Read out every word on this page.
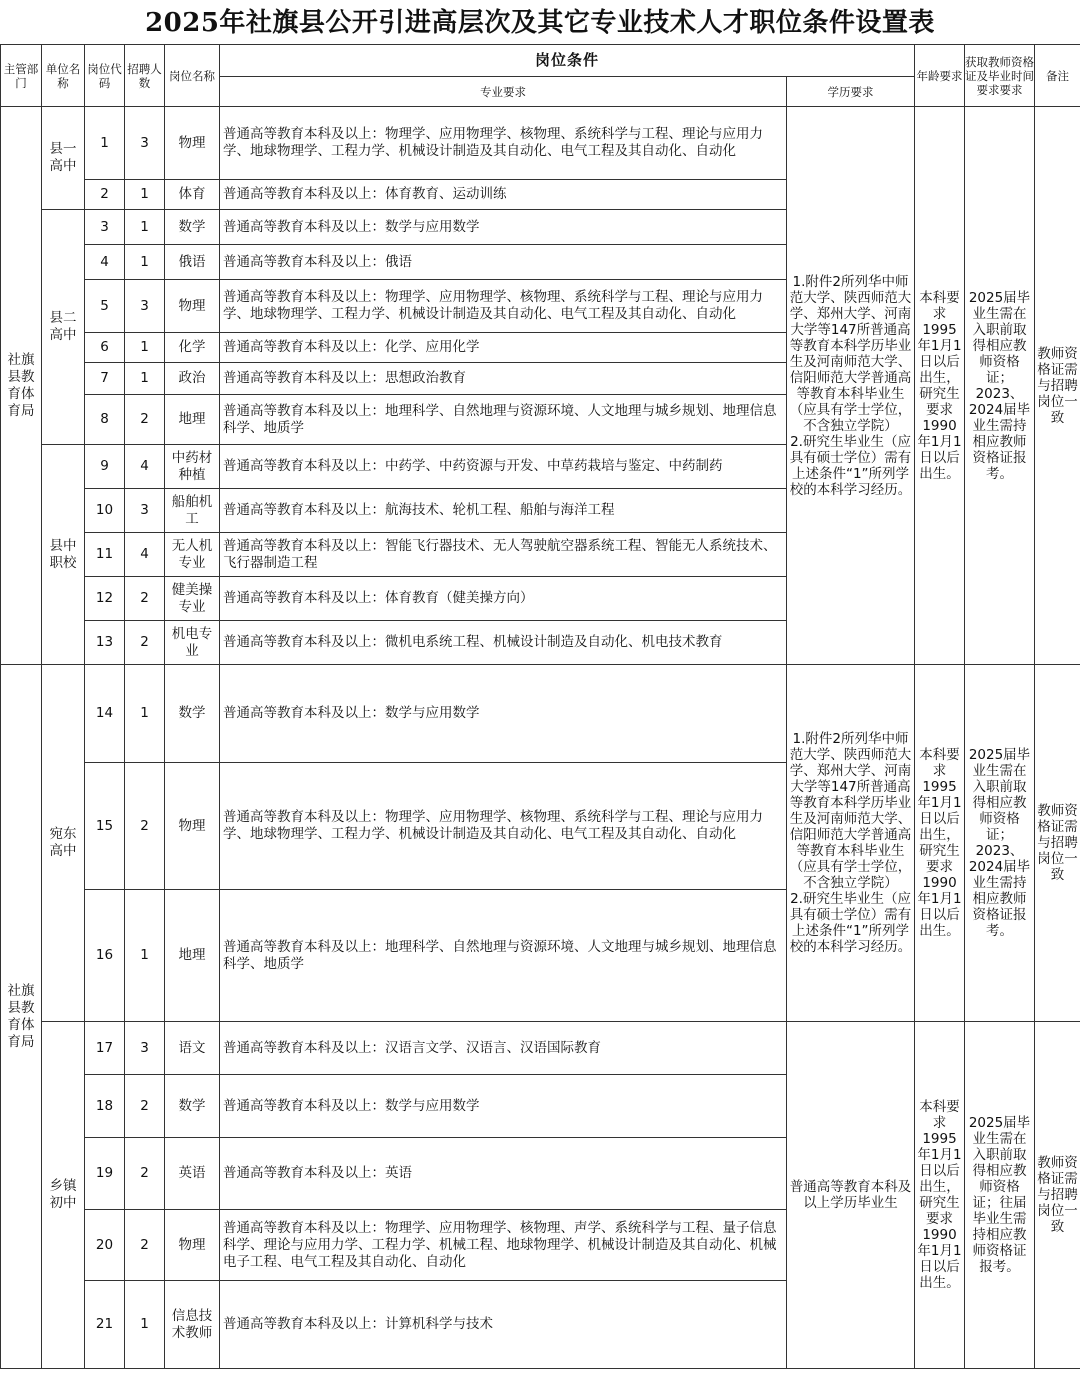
2025年社旗县公开引进高层次及其它专业技术人才职位条件设置表
主管部门	单位名称	岗位代码	招聘人数	岗位名称	岗位条件		年龄要求	获取教师资格证及毕业时间要求要求	备注
					专业要求	学历要求			
社旗县教育体育局	县一高中	1	3	物理	普通高等教育本科及以上：物理学、应用物理学、核物理、系统科学与工程、理论与应用力学、地球物理学、工程力学、机械设计制造及其自动化、电气工程及其自动化、自动化	1.附件2所列华中师范大学、陕西师范大学、郑州大学、河南大学等147所普通高等教育本科学历毕业生及河南师范大学、信阳师范大学普通高等教育本科毕业生（应具有学士学位，不含独立学院）
2.研究生毕业生（应具有硕士学位）需有上述条件“1”所列学校的本科学习经历。	本科要求1995年1月1日以后出生，研究生要求1990年1月1日以后出生。	2025届毕业生需在入职前取得相应教师资格证；2023、2024届毕业生需持相应教师资格证报考。	教师资格证需与招聘岗位一致
		2	1	体育	普通高等教育本科及以上：体育教育、运动训练				
	县二高中	3	1	数学	普通高等教育本科及以上：数学与应用数学				
		4	1	俄语	普通高等教育本科及以上：俄语				
		5	3	物理	普通高等教育本科及以上：物理学、应用物理学、核物理、系统科学与工程、理论与应用力学、地球物理学、工程力学、机械设计制造及其自动化、电气工程及其自动化、自动化				
		6	1	化学	普通高等教育本科及以上：化学、应用化学				
		7	1	政治	普通高等教育本科及以上：思想政治教育				
		8	2	地理	普通高等教育本科及以上：地理科学、自然地理与资源环境、人文地理与城乡规划、地理信息科学、地质学				
	县中职校	9	4	中药材种植	普通高等教育本科及以上：中药学、中药资源与开发、中草药栽培与鉴定、中药制药				
		10	3	船舶机工	普通高等教育本科及以上：航海技术、轮机工程、船舶与海洋工程				
		11	4	无人机专业	普通高等教育本科及以上：智能飞行器技术、无人驾驶航空器系统工程、智能无人系统技术、飞行器制造工程				
		12	2	健美操专业	普通高等教育本科及以上：体育教育（健美操方向）				
		13	2	机电专业	普通高等教育本科及以上：微机电系统工程、机械设计制造及自动化、机电技术教育				
社旗县教育体育局	宛东高中	14	1	数学	普通高等教育本科及以上：数学与应用数学	1.附件2所列华中师范大学、陕西师范大学、郑州大学、河南大学等147所普通高等教育本科学历毕业生及河南师范大学、信阳师范大学普通高等教育本科毕业生（应具有学士学位，不含独立学院）
2.研究生毕业生（应具有硕士学位）需有上述条件“1”所列学校的本科学习经历。	本科要求1995年1月1日以后出生，研究生要求1990年1月1日以后出生。	2025届毕业生需在入职前取得相应教师资格证；2023、2024届毕业生需持相应教师资格证报考。	教师资格证需与招聘岗位一致
		15	2	物理	普通高等教育本科及以上：物理学、应用物理学、核物理、系统科学与工程、理论与应用力学、地球物理学、工程力学、机械设计制造及其自动化、电气工程及其自动化、自动化				
		16	1	地理	普通高等教育本科及以上：地理科学、自然地理与资源环境、人文地理与城乡规划、地理信息科学、地质学				
	乡镇初中	17	3	语文	普通高等教育本科及以上：汉语言文学、汉语言、汉语国际教育	普通高等教育本科及以上学历毕业生	本科要求1995年1月1日以后出生，研究生要求1990年1月1日以后出生。	2025届毕业生需在入职前取得相应教师资格证；往届毕业生需持相应教师资格证报考。	教师资格证需与招聘岗位一致
		18	2	数学	普通高等教育本科及以上：数学与应用数学				
		19	2	英语	普通高等教育本科及以上：英语				
		20	2	物理	普通高等教育本科及以上：物理学、应用物理学、核物理、声学、系统科学与工程、量子信息科学、理论与应用力学、工程力学、机械工程、地球物理学、机械设计制造及其自动化、机械电子工程、电气工程及其自动化、自动化				
		21	1	信息技术教师	普通高等教育本科及以上：计算机科学与技术				
